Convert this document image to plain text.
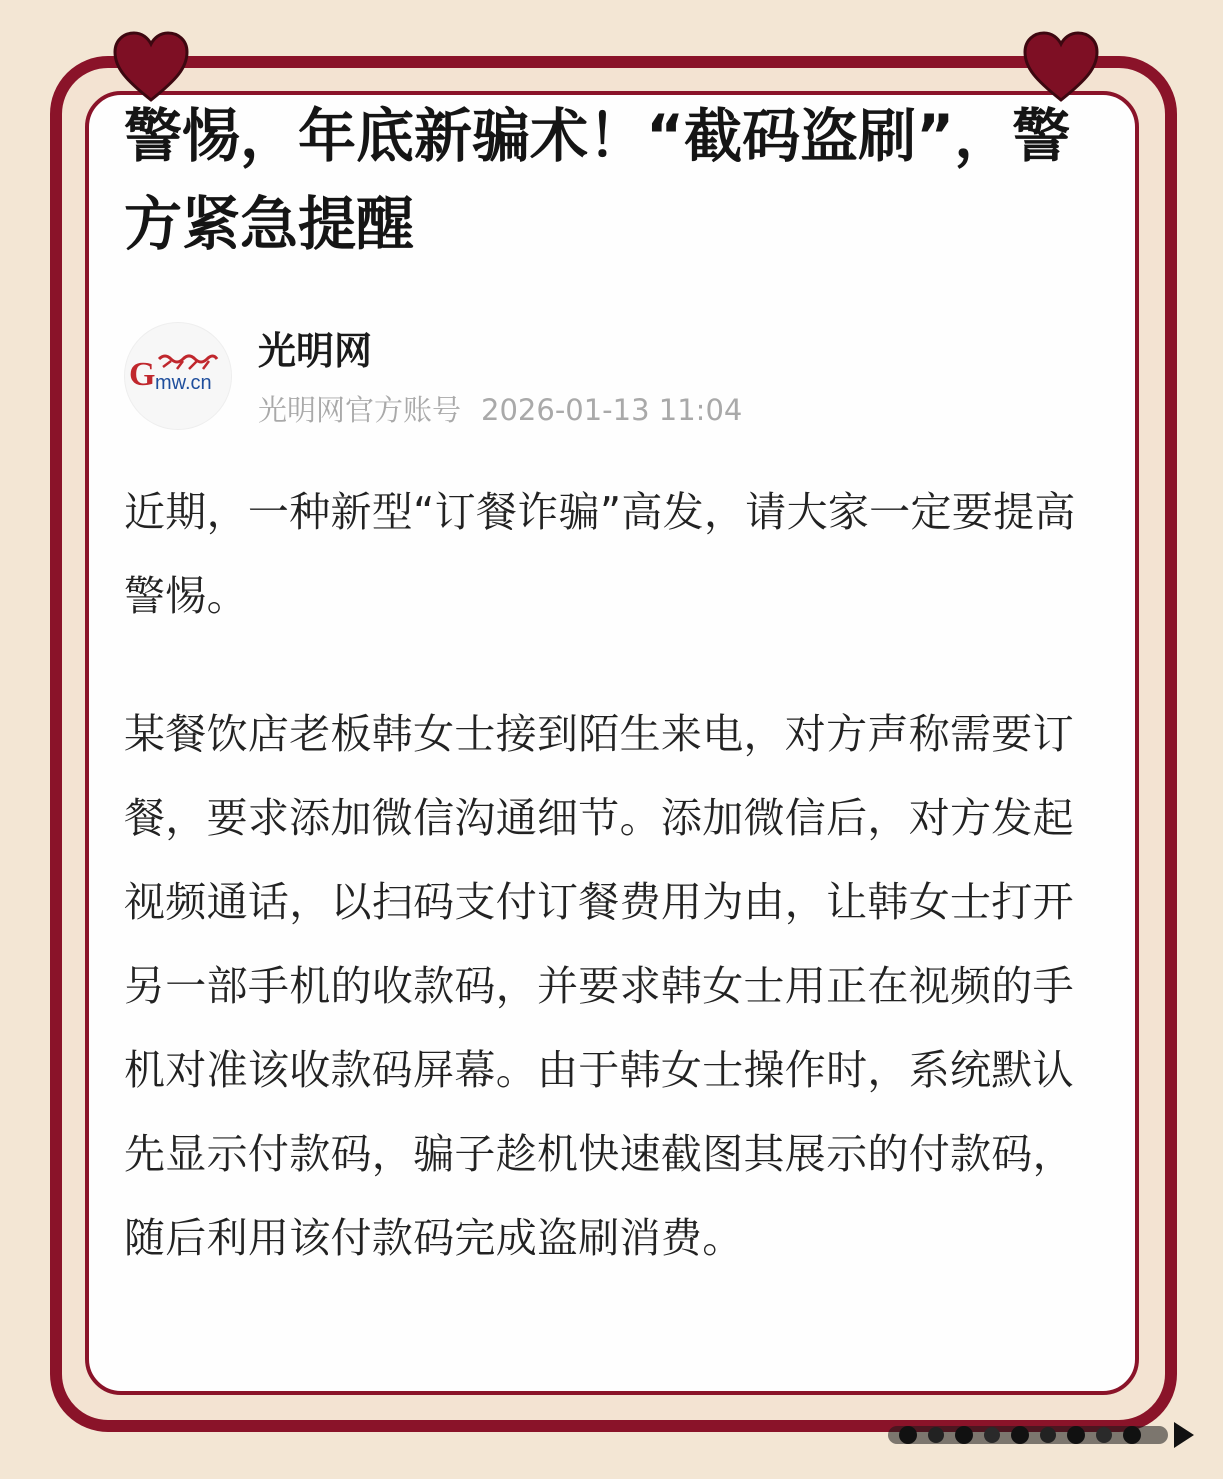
警惕，年底新骗术！“截码盗刷”，警方紧急提醒
G mw.cn
光明网
光明网官方账号 2026-01-13 11:04

近期，一种新型“订餐诈骗”高发，请大家一定要提高警惕。

某餐饮店老板韩女士接到陌生来电，对方声称需要订餐，要求添加微信沟通细节。添加微信后，对方发起视频通话，以扫码支付订餐费用为由，让韩女士打开另一部手机的收款码，并要求韩女士用正在视频的手机对准该收款码屏幕。由于韩女士操作时，系统默认先显示付款码，骗子趁机快速截图其展示的付款码，随后利用该付款码完成盗刷消费。
